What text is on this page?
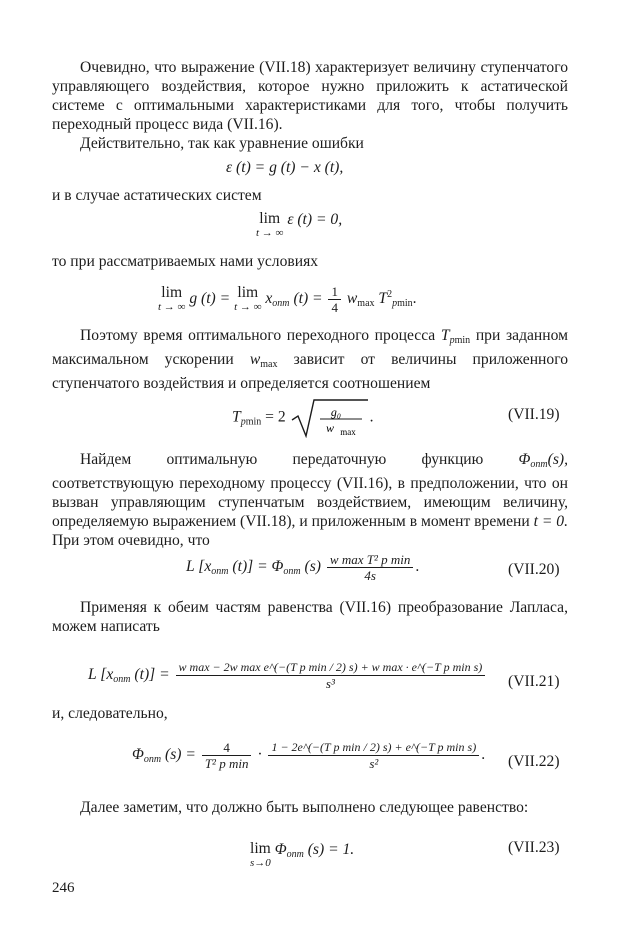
Очевидно, что выражение (VII.18) характеризует величину ступенчатого управляющего воздействия, которое нужно приложить к астатической системе с оптимальными характеристиками для того, чтобы получить переходный процесс вида (VII.16).
Действительно, так как уравнение ошибки
ε (t) = g (t) − x (t),
и в случае астатических систем
lim
t → ∞
ε (t) = 0,
то при рассматриваемых нами условиях
lim
t → ∞ g (t) = lim
t → ∞ $x_{опт}$ $(t) = \frac{1}{4} w_{max}$ $T^2_{pmin}$.
Поэтому время оптимального переходного процесса $T_{pmin}$ при заданном максимальном ускорении $w_{max}$ зависит от величины приложенного ступенчатого воздействия и определяется соотношением
$T_{pmin} = 2$	g₀
w max
.	(VII.19)
Найдем оптимальную передаточную функцию $\Phi_{опт}(s)$, соответствующую переходному процессу (VII.16), в предположении, что он вызван управляющим ступенчатым воздействием, имеющим величину, определяемую выражением (VII.18), и приложенным в момент времени t = 0. При этом очевидно, что
L [$x_{опт}$ $(t)] = \Phi_{опт}$ $(s) \frac{\text{w max T² p min}}{4s}$ .	(VII.20)
Применяя к обеим частям равенства (VII.16) преобразование Лапласа, можем написать
L [$x_{опт}$ $(t)] = \frac{\text{w max − 2w max e\textasciicircum{}(−(T p min / 2) s) + w max · e\textasciicircum{}(−T p min s)}}{\text{s³}} (VII.21)$
и, следовательно,
$\Phi_{опт}$ $(s) = \frac{4}{\text{T² p min}} \cdot \frac{\text{1 − 2e\textasciicircum{}(−(T p min / 2) s) + e\textasciicircum{}(−T p min s)}}{\text{s²}}$ . (VII.22)
Далее заметим, что должно быть выполнено следующее равенство:
lim
s→0
$\Phi_{опт}$ (s) = 1.	(VII.23)
246
